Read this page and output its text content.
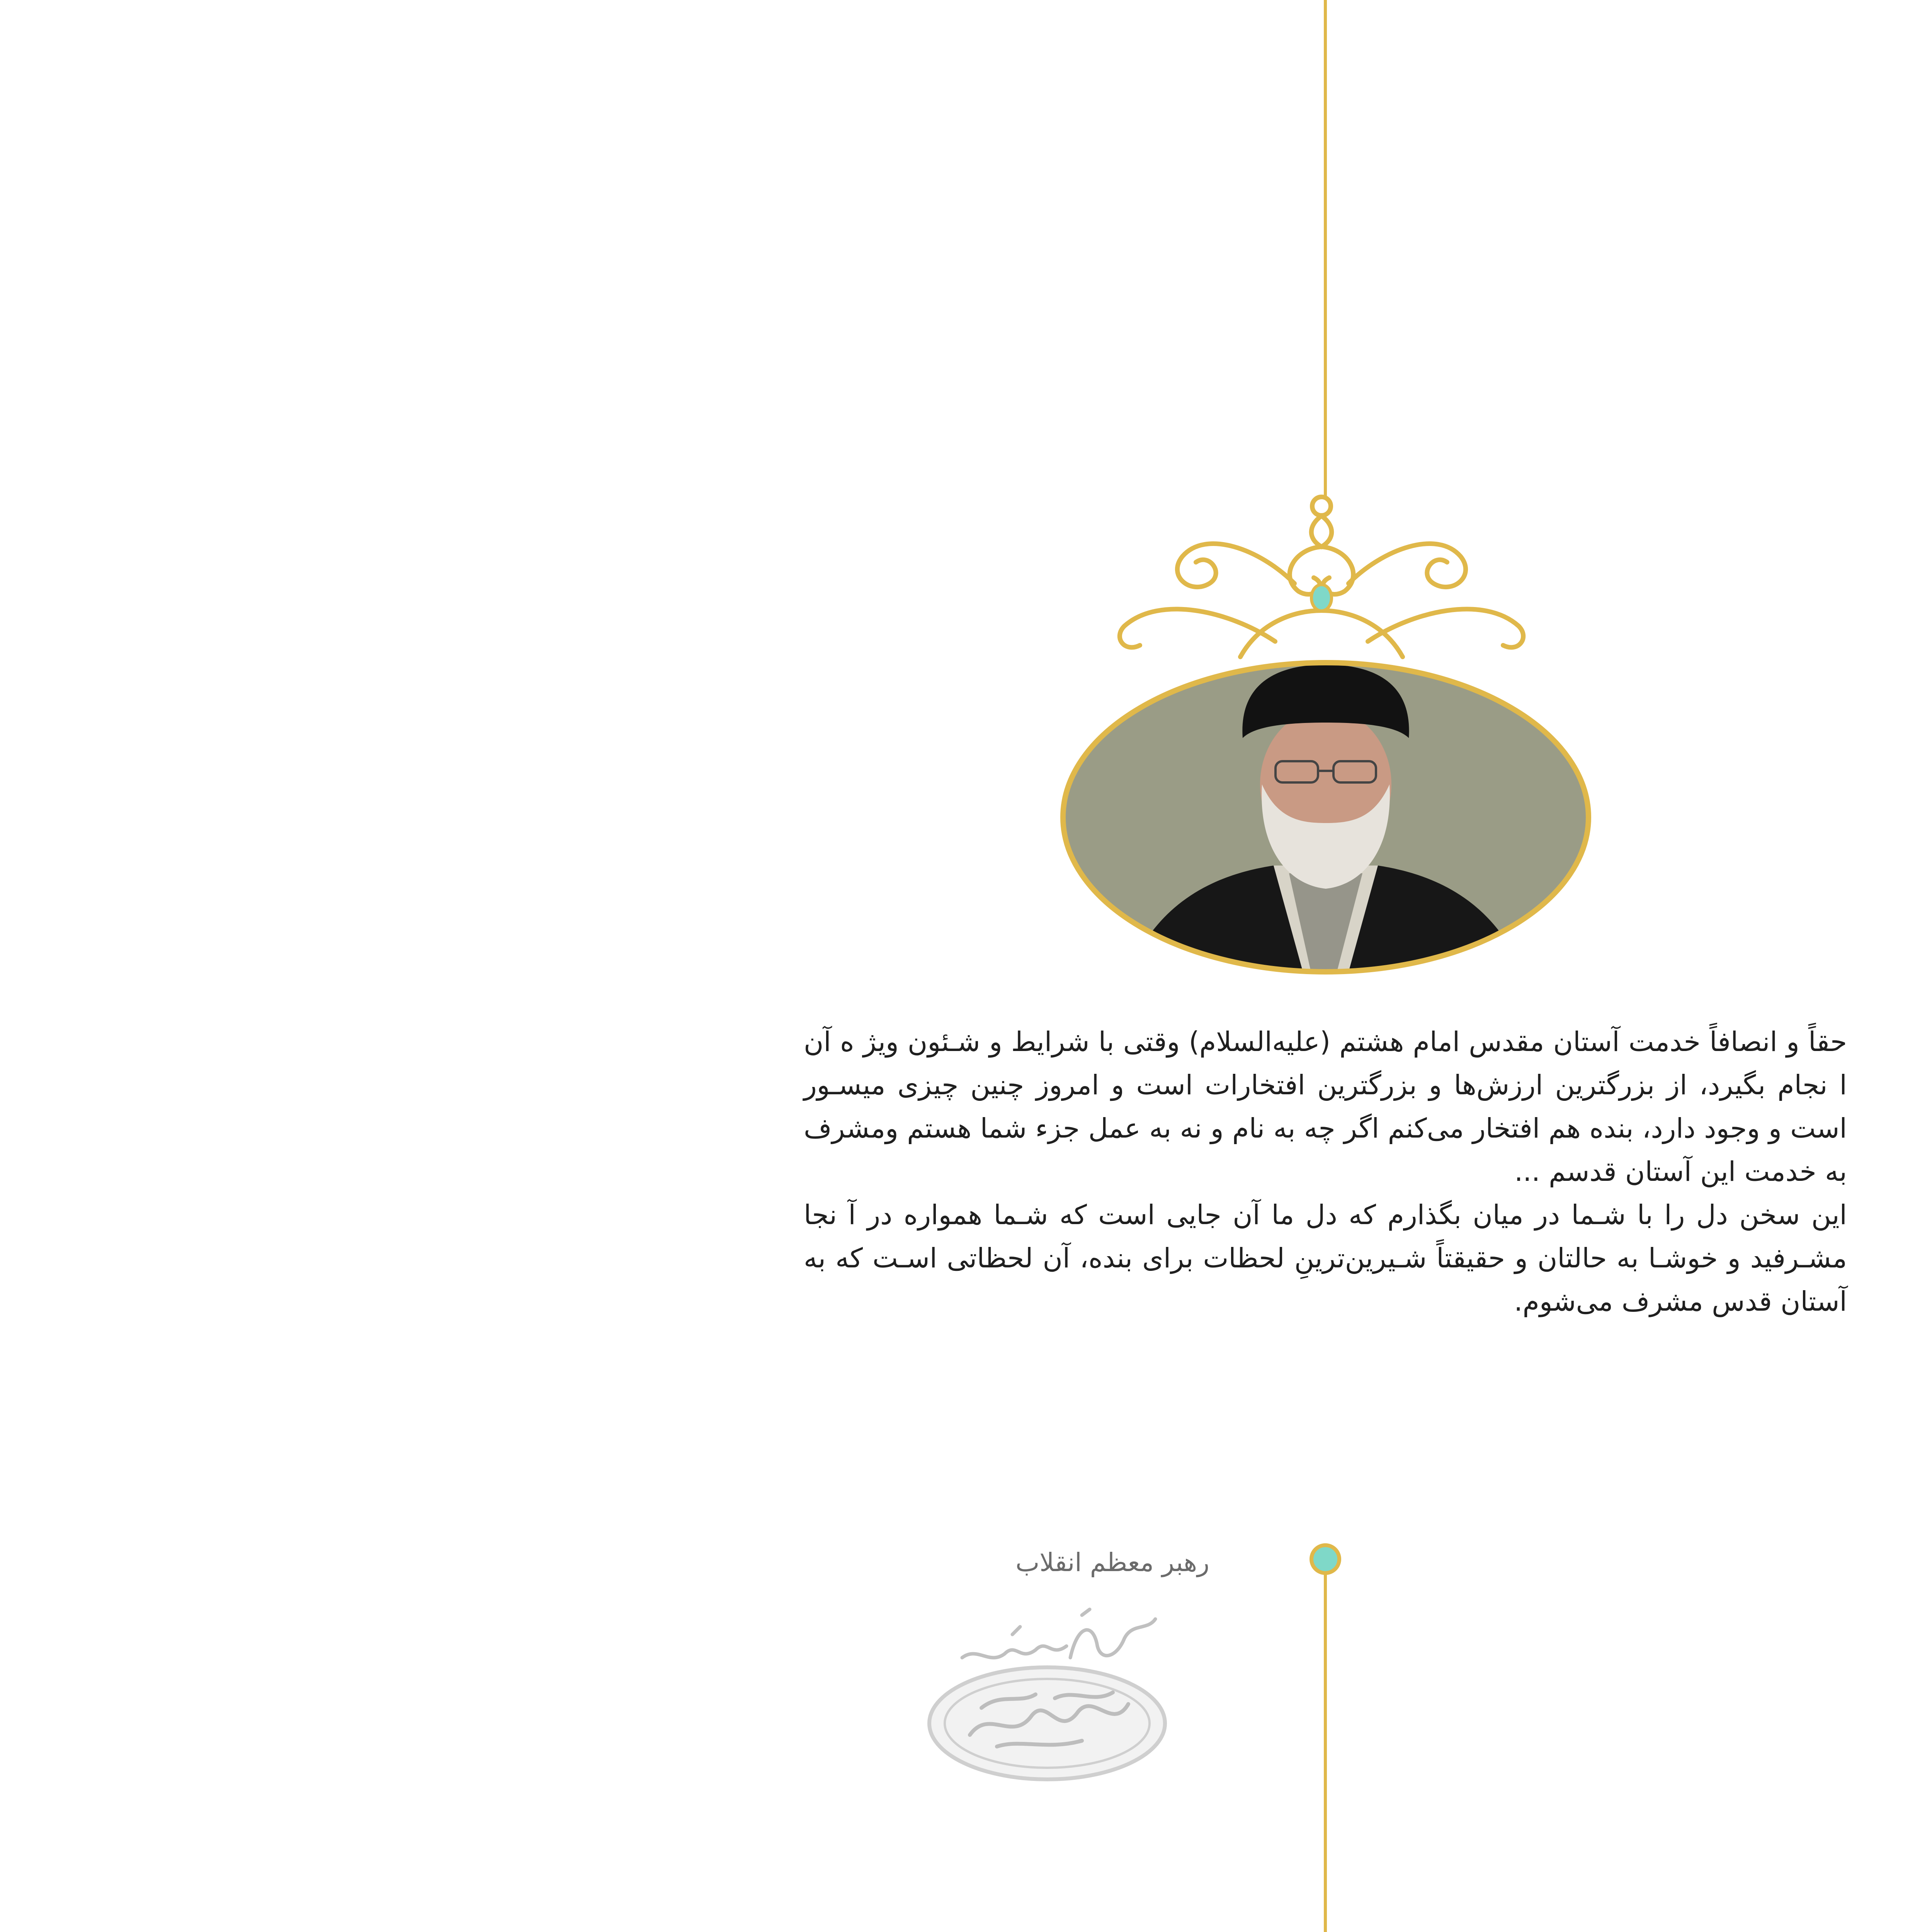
حقاً و انصافاً خدمت آستان مقدس امام هشتم (علیه‌السلام) وقتی با شرایط و شـئون ویژ ه آن ا نجام بگیرد، از بزرگترین ارزش‌ها و بزرگترین افتخارات است و امروز چنین چیزی میسـور است و وجود دارد، بنده هم افتخار می‌کنم اگر چه به نام و نه به عمل جزء شما هستم ومشرف به خدمت این آستان قدسم ...

این سخن دل را با شـما در میان بگذارم که دل ما آن جایی است که شـما همواره در آ نجا مشـرفید و خوشـا به حالتان و حقیقتاً شـیرین‌ترینِ لحظات برای بنده، آن لحظاتی اسـت که به آستان قدس مشرف می‌شوم.

رهبر معظم انقلاب
